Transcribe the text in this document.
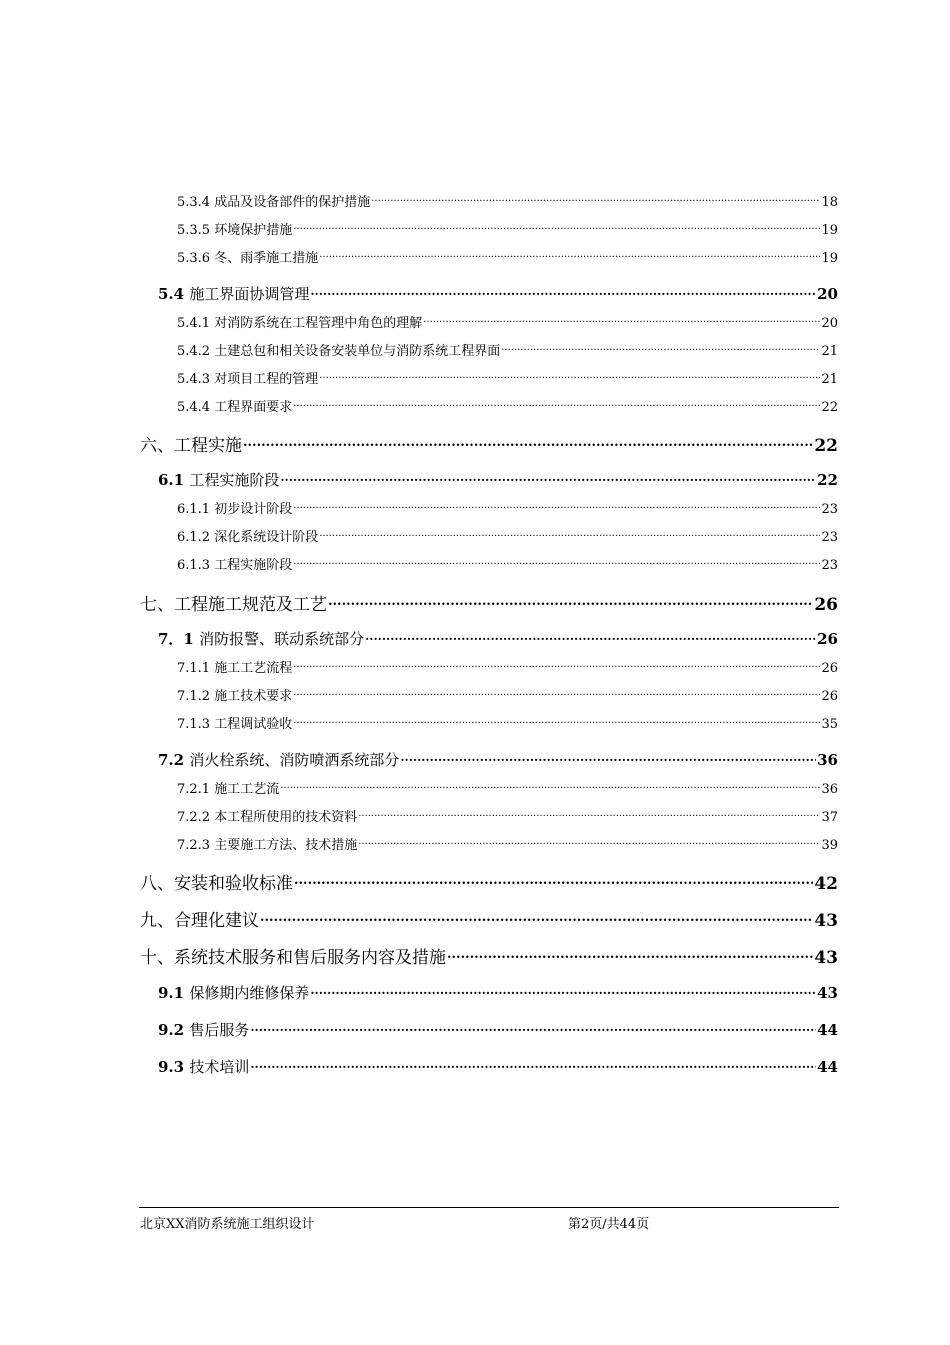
5.3.4 成品及设备部件的保护措施 .....	18
5.3.5 环境保护措施 .....	19
5.3.6 冬、雨季施工措施 .....	19
5.4 施工界面协调管理 .....	20
5.4.1 对消防系统在工程管理中角色的理解 .....	20
5.4.2 土建总包和相关设备安装单位与消防系统工程界面 .....	21
5.4.3 对项目工程的管理 .....	21
5.4.4 工程界面要求 .....	22
六、工程实施 .....	22
6.1 工程实施阶段 .....	22
6.1.1 初步设计阶段 .....	23
6.1.2 深化系统设计阶段 .....	23
6.1.3 工程实施阶段 .....	23
七、工程施工规范及工艺 .....	26
7．1 消防报警、联动系统部分 .....	26
7.1.1 施工工艺流程 .....	26
7.1.2 施工技术要求 .....	26
7.1.3 工程调试验收 .....	35
7.2 消火栓系统、消防喷洒系统部分 .....	36
7.2.1 施工工艺流 .....	36
7.2.2 本工程所使用的技术资料 .....	37
7.2.3 主要施工方法、技术措施 .....	39
八、安装和验收标准 .....	42
九、合理化建议 .....	43
十、系统技术服务和售后服务内容及措施 .....	43
9.1 保修期内维修保养 .....	43
9.2 售后服务 .....	44
9.3 技术培训 .....	44
北京XX消防系统施工组织设计	第2页/共44页
